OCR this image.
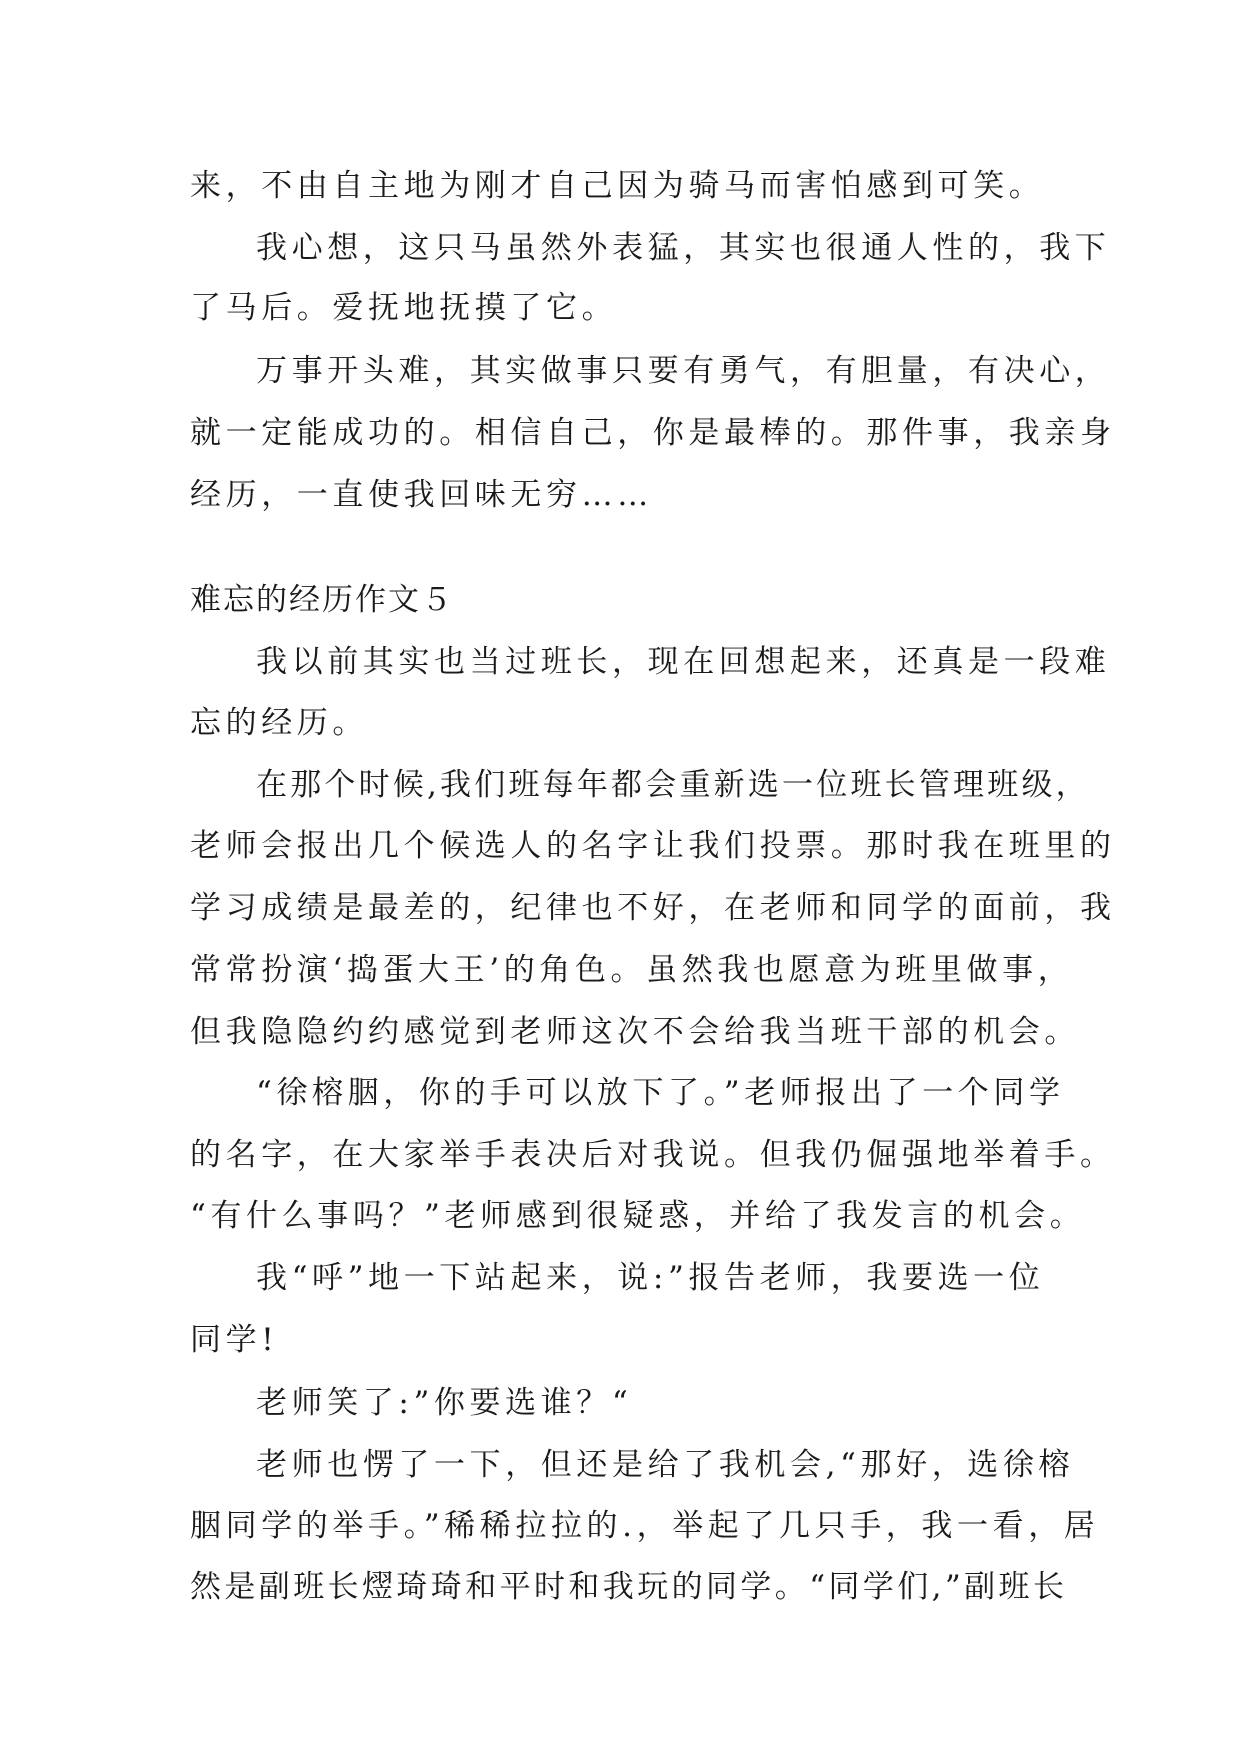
来，不由自主地为刚才自己因为骑马而害怕感到可笑。
我心想，这只马虽然外表猛，其实也很通人性的，我下
了马后。爱抚地抚摸了它。
万事开头难，其实做事只要有勇气，有胆量，有决心，
就一定能成功的。相信自己，你是最棒的。那件事，我亲身
经历，一直使我回味无穷……
难忘的经历作文５
我以前其实也当过班长，现在回想起来，还真是一段难
忘的经历。
在那个时候,我们班每年都会重新选一位班长管理班级，
老师会报出几个候选人的名字让我们投票。那时我在班里的
学习成绩是最差的，纪律也不好，在老师和同学的面前，我
常常扮演‘捣蛋大王’的角色。虽然我也愿意为班里做事，
但我隐隐约约感觉到老师这次不会给我当班干部的机会。
“徐榕胭，你的手可以放下了。”老师报出了一个同学
的名字，在大家举手表决后对我说。但我仍倔强地举着手。
“有什么事吗？”老师感到很疑惑，并给了我发言的机会。
我“呼”地一下站起来，说:”报告老师，我要选一位
同学!
老师笑了:”你要选谁？“
老师也愣了一下，但还是给了我机会,“那好，选徐榕
胭同学的举手。”稀稀拉拉的.，举起了几只手，我一看，居
然是副班长熤琦琦和平时和我玩的同学。“同学们,”副班长
